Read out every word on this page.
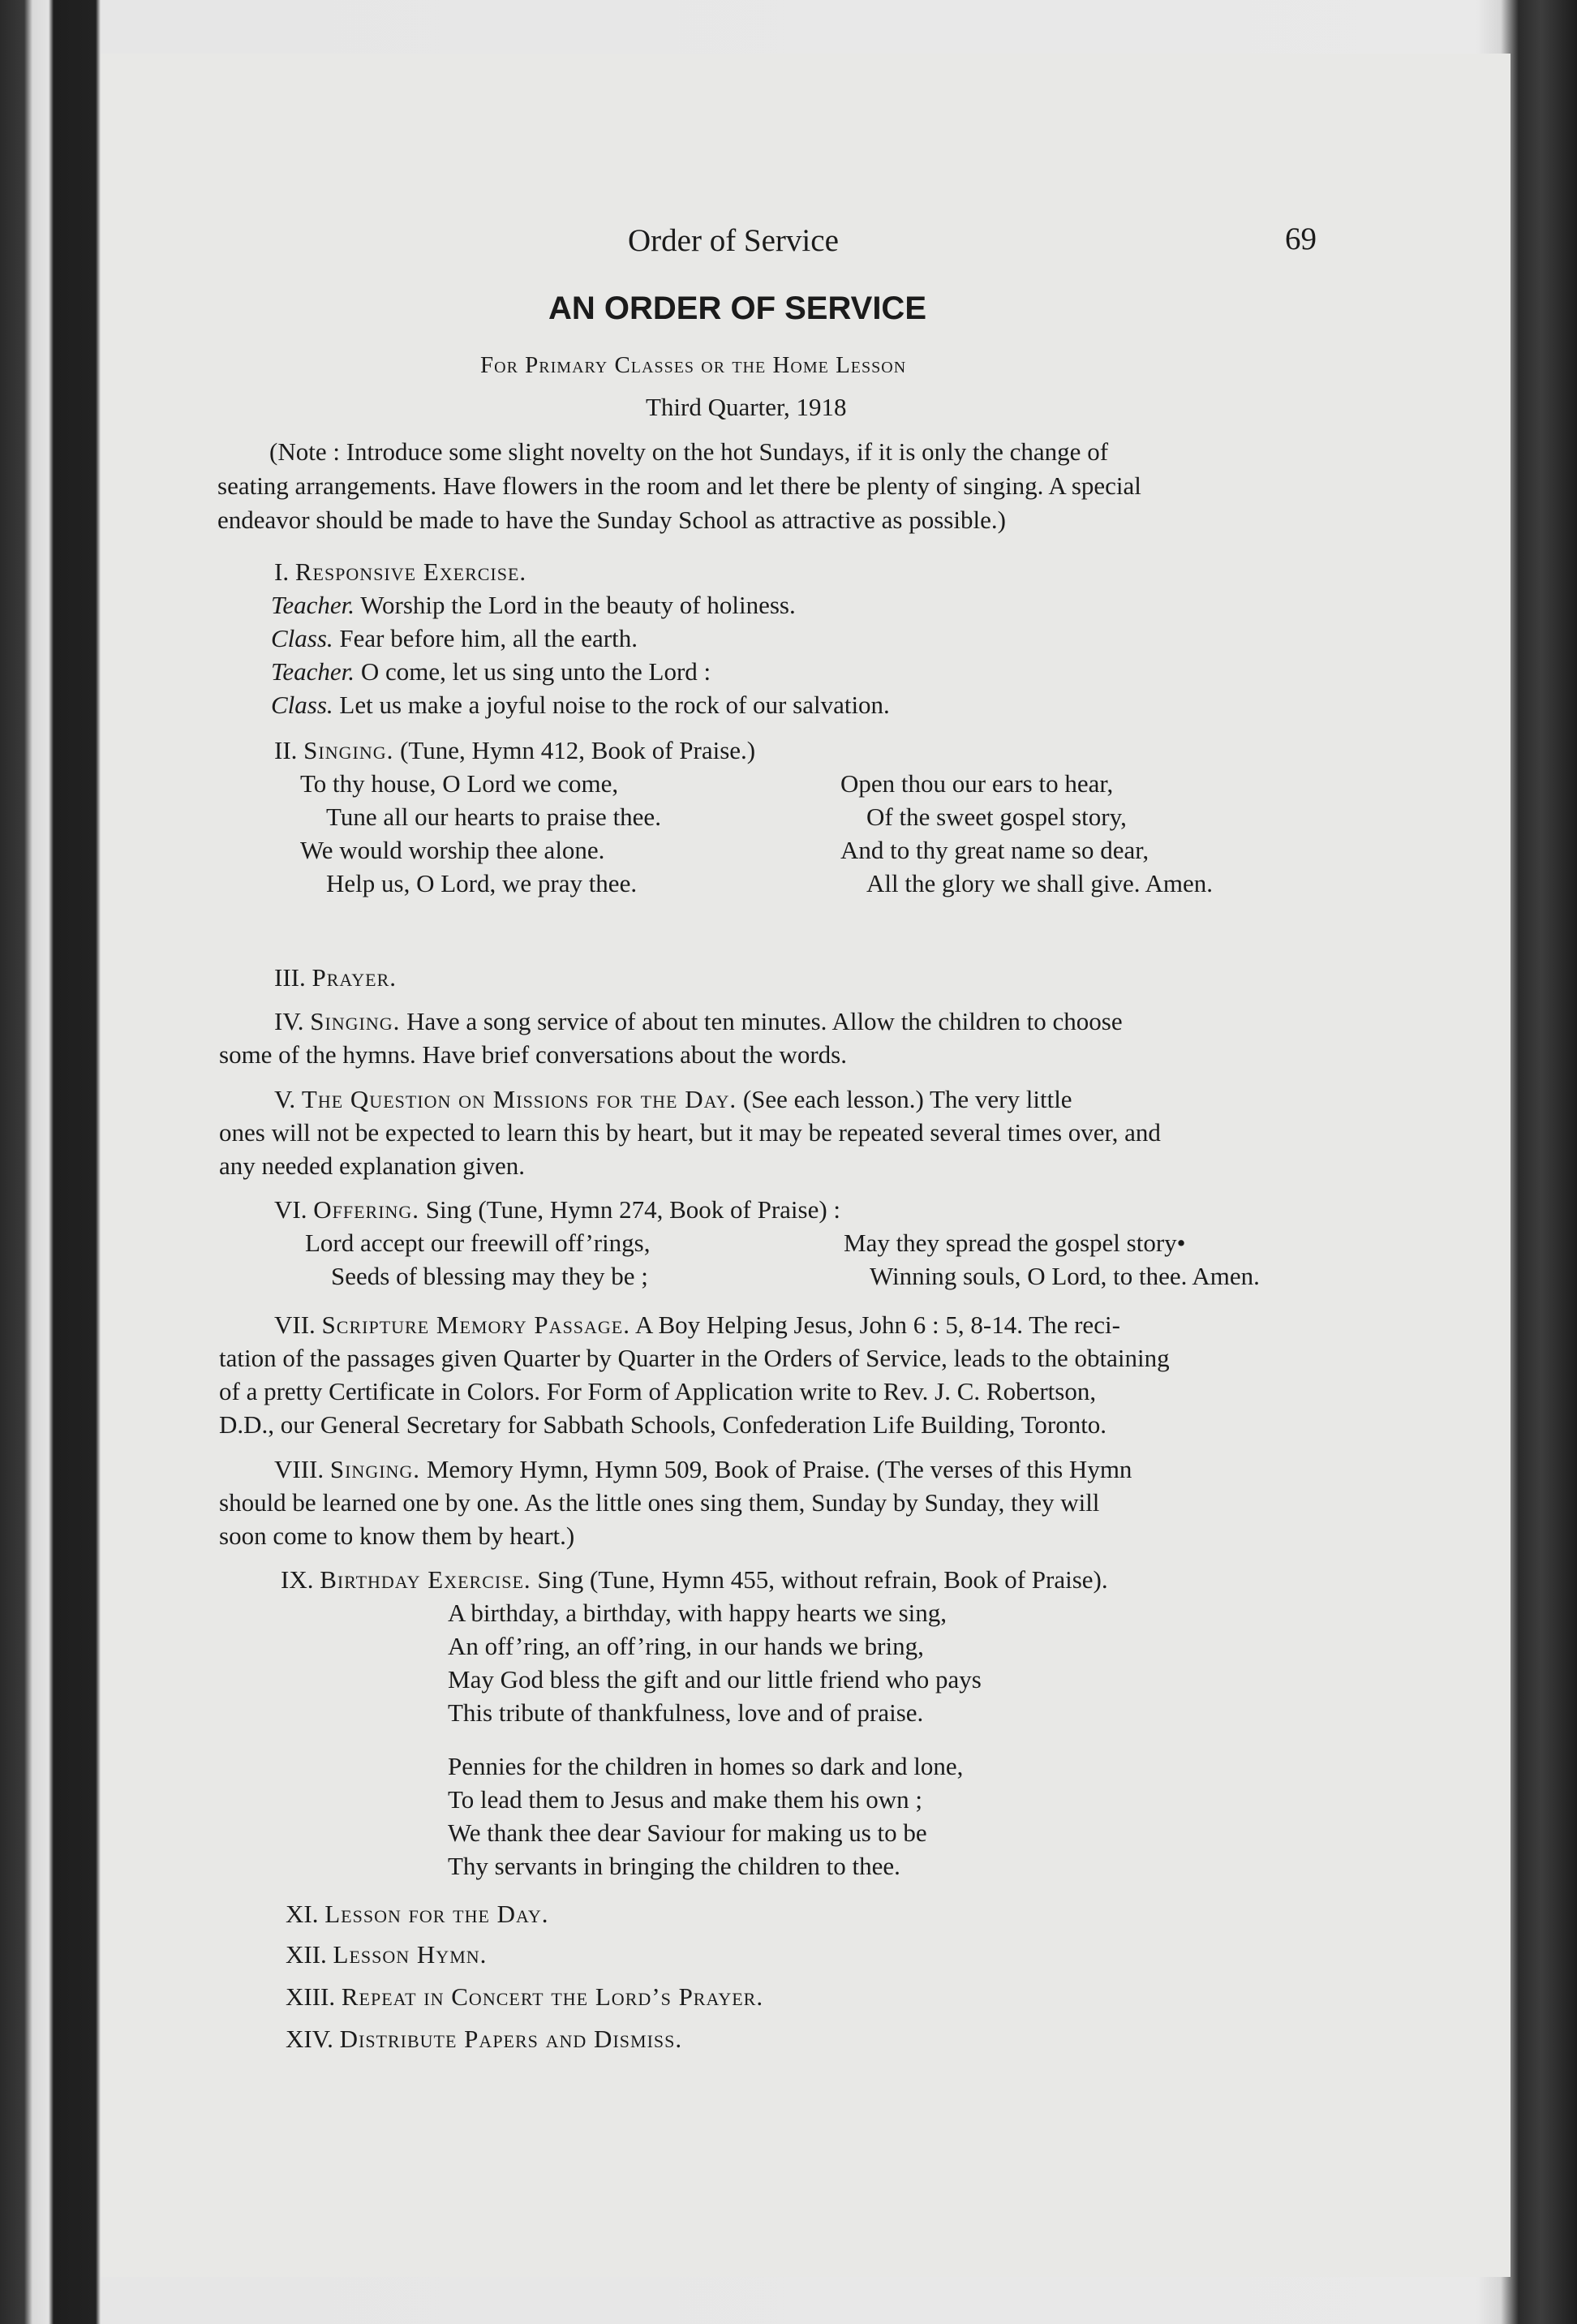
Order of Service	69
AN ORDER OF SERVICE
For Primary Classes or the Home Lesson
Third Quarter, 1918
(Note : Introduce some slight novelty on the hot Sundays, if it is only the change of
seating arrangements. Have flowers in the room and let there be plenty of singing. A special
endeavor should be made to have the Sunday School as attractive as possible.)
I. Responsive Exercise.
Teacher. Worship the Lord in the beauty of holiness.
Class. Fear before him, all the earth.
Teacher. O come, let us sing unto the Lord :
Class. Let us make a joyful noise to the rock of our salvation.
II. Singing. (Tune, Hymn 412, Book of Praise.)
To thy house, O Lord we come,
Tune all our hearts to praise thee.
We would worship thee alone.
Help us, O Lord, we pray thee.
Open thou our ears to hear,
Of the sweet gospel story,
And to thy great name so dear,
All the glory we shall give. Amen.
III. Prayer.
IV. Singing. Have a song service of about ten minutes. Allow the children to choose
some of the hymns. Have brief conversations about the words.
V. The Question on Missions for the Day. (See each lesson.) The very little
ones will not be expected to learn this by heart, but it may be repeated several times over, and
any needed explanation given.
VI. Offering. Sing (Tune, Hymn 274, Book of Praise) :
Lord accept our freewill off’rings,
Seeds of blessing may they be ;
May they spread the gospel story•
Winning souls, O Lord, to thee. Amen.
VII. Scripture Memory Passage. A Boy Helping Jesus, John 6 : 5, 8-14. The reci-
tation of the passages given Quarter by Quarter in the Orders of Service, leads to the obtaining
of a pretty Certificate in Colors. For Form of Application write to Rev. J. C. Robertson,
D.D., our General Secretary for Sabbath Schools, Confederation Life Building, Toronto.
VIII. Singing. Memory Hymn, Hymn 509, Book of Praise. (The verses of this Hymn
should be learned one by one. As the little ones sing them, Sunday by Sunday, they will
soon come to know them by heart.)
IX. Birthday Exercise. Sing (Tune, Hymn 455, without refrain, Book of Praise).
A birthday, a birthday, with happy hearts we sing,
An off’ring, an off’ring, in our hands we bring,
May God bless the gift and our little friend who pays
This tribute of thankfulness, love and of praise.
Pennies for the children in homes so dark and lone,
To lead them to Jesus and make them his own ;
We thank thee dear Saviour for making us to be
Thy servants in bringing the children to thee.
XI. Lesson for the Day.
XII. Lesson Hymn.
XIII. Repeat in Concert the Lord’s Prayer.
XIV. Distribute Papers and Dismiss.
